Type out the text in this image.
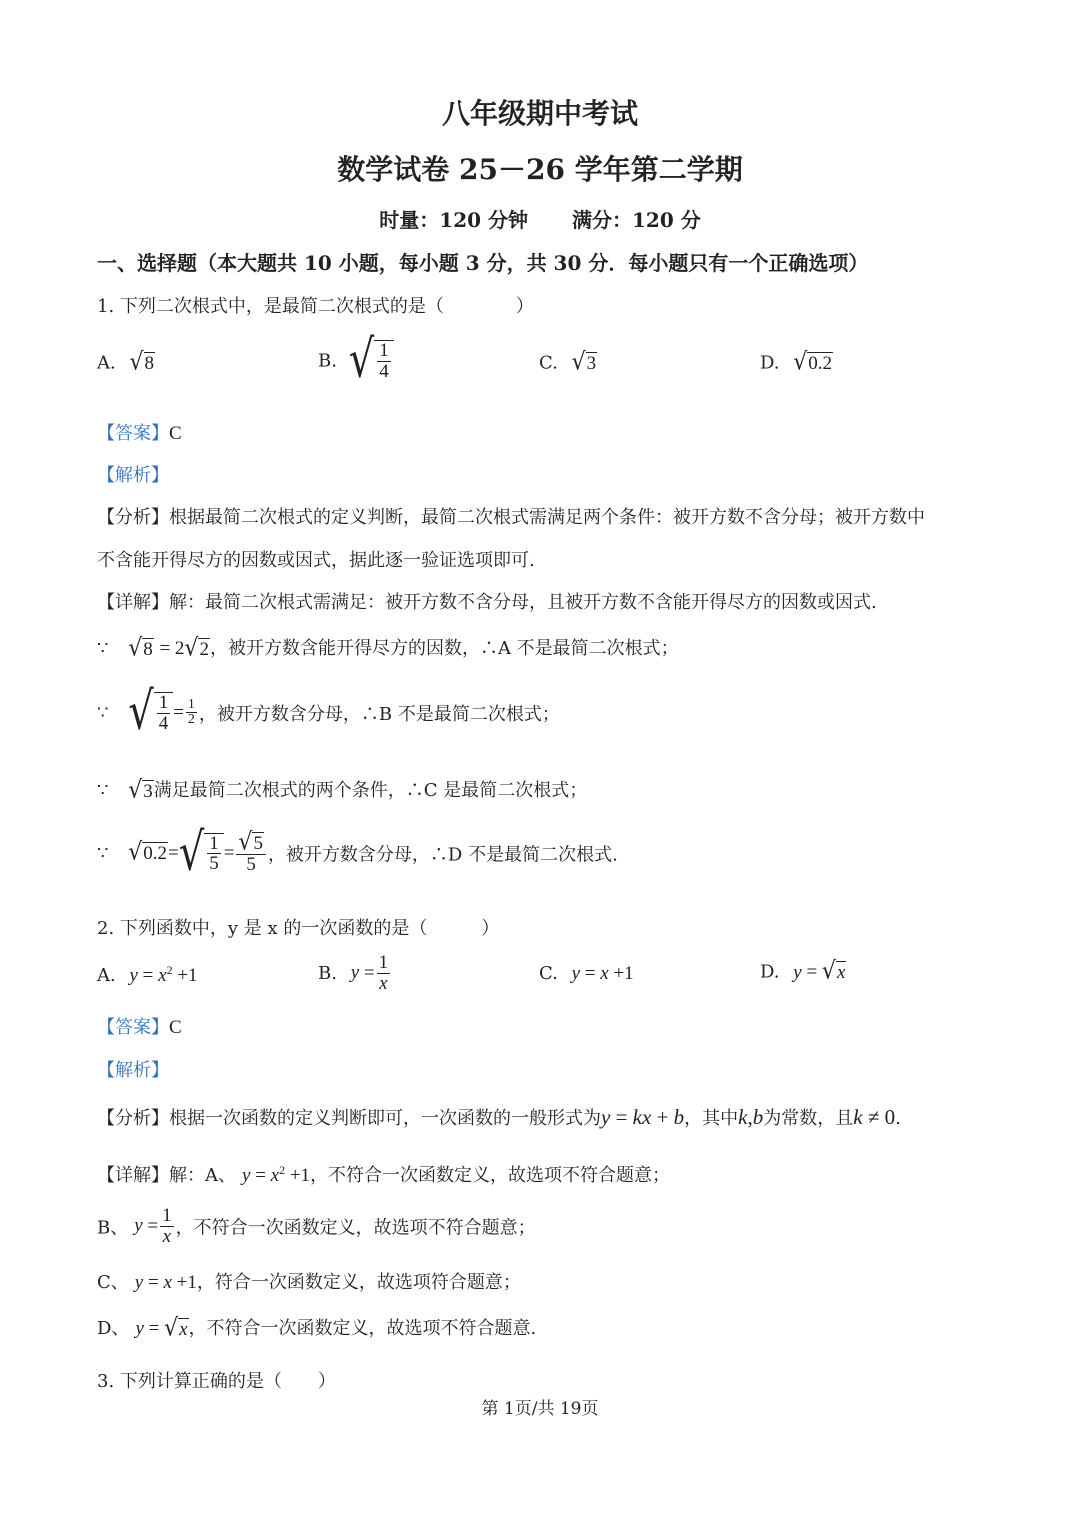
八年级期中考试
数学试卷 25－26 学年第二学期
时量：120 分钟 满分：120 分
一、选择题（本大题共 10 小题，每小题 3 分，共 30 分．每小题只有一个正确选项）
1. 下列二次根式中，是最简二次根式的是（　　　　）
A. √ 8	B. √ $\frac{1}{4}$	C. √ 3	D. √ 0.2
【答案】C
【解析】
【分析】根据最简二次根式的定义判断，最简二次根式需满足两个条件：被开方数不含分母；被开方数中
不含能开得尽方的因数或因式，据此逐一验证选项即可.
【详解】解：最简二次根式需满足：被开方数不含分母，且被开方数不含能开得尽方的因数或因式.
∵ √ 8 = 2 √ 2 ，被开方数含能开得尽方的因数，∴A 不是最简二次根式；
∵ √ $\frac{1}{4} = \frac{1}{2}$ ，被开方数含分母，∴B 不是最简二次根式；
∵ √ 3 满足最简二次根式的两个条件，∴C 是最简二次根式；
∵ √ 0.2 = √ $\frac{1}{5} = \frac{√ 5}{5}$ ，被开方数含分母，∴D 不是最简二次根式.
2. 下列函数中，y 是 x 的一次函数的是（　　　）
A. $y = x^2 +1$	B. $y = \frac{1}{x}$	C. y = x +1	D. y = √ x
【答案】C
【解析】
【分析】根据一次函数的定义判断即可，一次函数的一般形式为y = kx + b，其中k,b为常数，且k ≠ 0.
【详解】解：A、 $y = x^2 +1$，不符合一次函数定义，故选项不符合题意；
B、 $y = \frac{1}{x}$ ，不符合一次函数定义，故选项不符合题意；
C、 y = x +1，符合一次函数定义，故选项符合题意；
D、 y = √ x ，不符合一次函数定义，故选项不符合题意.
3. 下列计算正确的是（　　）
第 1页/共 19页
